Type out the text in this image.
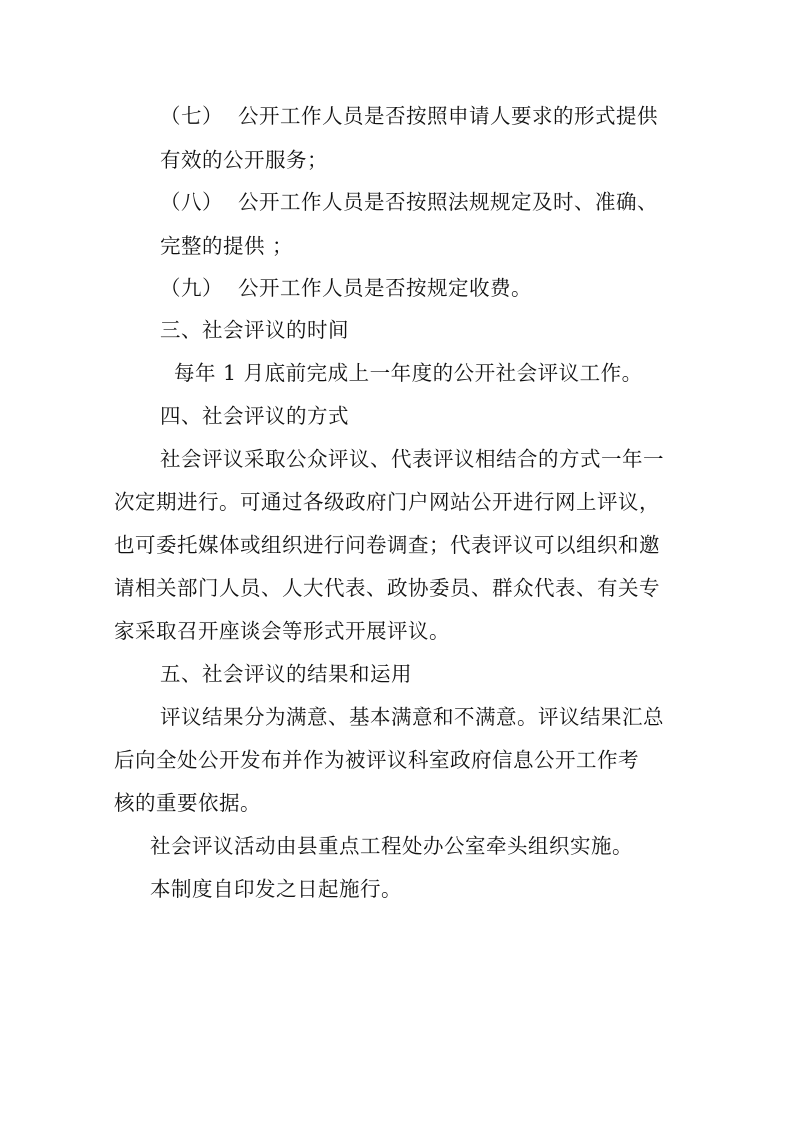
（七） 公开工作人员是否按照申请人要求的形式提供
有效的公开服务；
（八） 公开工作人员是否按照法规规定及时、准确、
完整的提供 ；
（九） 公开工作人员是否按规定收费。
三、社会评议的时间
每年 1 月底前完成上一年度的公开社会评议工作。
四、社会评议的方式
社会评议采取公众评议、代表评议相结合的方式一年一
次定期进行。可通过各级政府门户网站公开进行网上评议，
也可委托媒体或组织进行问卷调查；代表评议可以组织和邀
请相关部门人员、人大代表、政协委员、群众代表、有关专
家采取召开座谈会等形式开展评议。
五、社会评议的结果和运用
评议结果分为满意、基本满意和不满意。评议结果汇总
后向全处公开发布并作为被评议科室政府信息公开工作考
核的重要依据。
社会评议活动由县重点工程处办公室牵头组织实施。
本制度自印发之日起施行。
